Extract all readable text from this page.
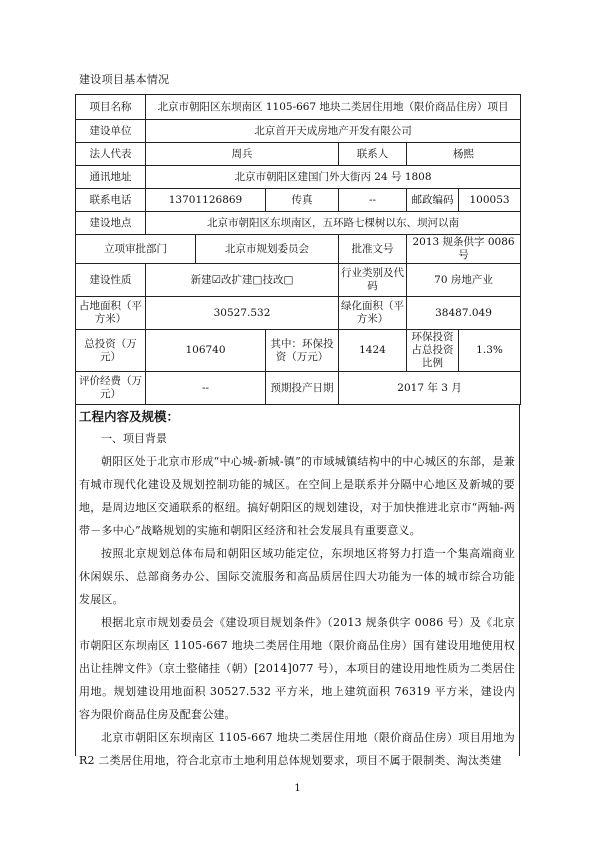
建设项目基本情况
项目名称	北京市朝阳区东坝南区 1105-667 地块二类居住用地（限价商品住房）项目					
建设单位	北京首开天成房地产开发有限公司					
法人代表	周兵			联系人	杨熙	
通讯地址	北京市朝阳区建国门外大街丙 24 号 1808					
联系电话	13701126869		传真	--	邮政编码	100053
建设地点	北京市朝阳区东坝南区，五环路七棵树以东、坝河以南					
立项审批部门		北京市规划委员会		批准文号	2013 规条供字 0086 号	
建设性质	新建☑改扩建□技改□			行业类别及代码	70 房地产业	
占地面积（平方米）	30527.532			绿化面积（平方米）	38487.049	
总投资（万元）	106740		其中：环保投资（万元）	1424	环保投资占总投资比例	1.3%
评价经费（万元）	--		预期投产日期	2017 年 3 月		
工程内容及规模：

一、项目背景

朝阳区处于北京市形成“中心城-新城-镇”的市域城镇结构中的中心城区的东部，是兼有城市现代化建设及规划控制功能的城区。在空间上是联系并分隔中心地区及新城的要地，是周边地区交通联系的枢纽。搞好朝阳区的规划建设，对于加快推进北京市“两轴-两带－多中心”战略规划的实施和朝阳区经济和社会发展具有重要意义。

按照北京规划总体布局和朝阳区域功能定位，东坝地区将努力打造一个集高端商业休闲娱乐、总部商务办公、国际交流服务和高品质居住四大功能为一体的城市综合功能发展区。

根据北京市规划委员会《建设项目规划条件》（2013 规条供字 0086 号）及《北京市朝阳区东坝南区 1105-667 地块二类居住用地（限价商品住房）国有建设用地使用权出让挂牌文件》（京土整储挂（朝）[2014]077 号），本项目的建设用地性质为二类居住用地。规划建设用地面积 30527.532 平方米，地上建筑面积 76319 平方米，建设内容为限价商品住房及配套公建。

北京市朝阳区东坝南区 1105-667 地块二类居住用地（限价商品住房）项目用地为 R2 二类居住用地，符合北京市土地利用总体规划要求，项目不属于限制类、淘汰类建

1
